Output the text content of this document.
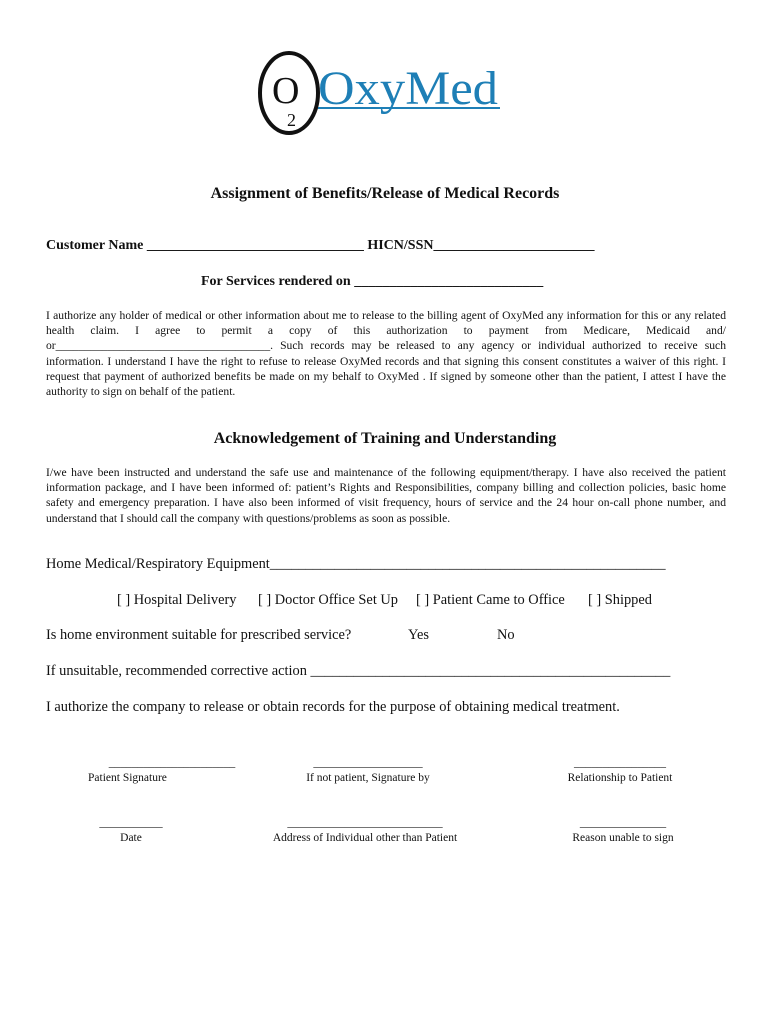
O
2
OxyMed
Assignment of Benefits/Release of Medical Records
Customer Name _______________________________ HICN/SSN_______________________
For Services rendered on ___________________________

I authorize any holder of medical or other information about me to release to the billing agent of OxyMed any information for this or any related health claim. I agree to permit a copy of this authorization to payment from Medicare, Medicaid and/ or_____________________________________. Such records may be released to any agency or individual authorized to receive such information. I understand I have the right to refuse to release OxyMed records and that signing this consent constitutes a waiver of this right. I request that payment of authorized benefits be made on my behalf to OxyMed . If signed by someone other than the patient, I attest I have the authority to sign on behalf of the patient.

Acknowledgement of Training and Understanding

I/we have been instructed and understand the safe use and maintenance of the following equipment/therapy. I have also received the patient information package, and I have been informed of: patient’s Rights and Responsibilities, company billing and collection policies, basic home safety and emergency preparation. I have also been informed of visit frequency, hours of service and the 24 hour on-call phone number, and understand that I should call the company with questions/problems as soon as possible.

Home Medical/Respiratory Equipment_______________________________________________________
[ ] Hospital Delivery [ ] Doctor Office Set Up [ ] Patient Came to Office [ ] Shipped
Is home environment suitable for prescribed service?	Yes	No
If unsuitable, recommended corrective action __________________________________________________
I authorize the company to release or obtain records for the purpose of obtaining medical treatment.
______________________
Patient Signature
___________________
If not patient, Signature by
________________
Relationship to Patient
___________
Date
___________________________
Address of Individual other than Patient
_______________
Reason unable to sign
